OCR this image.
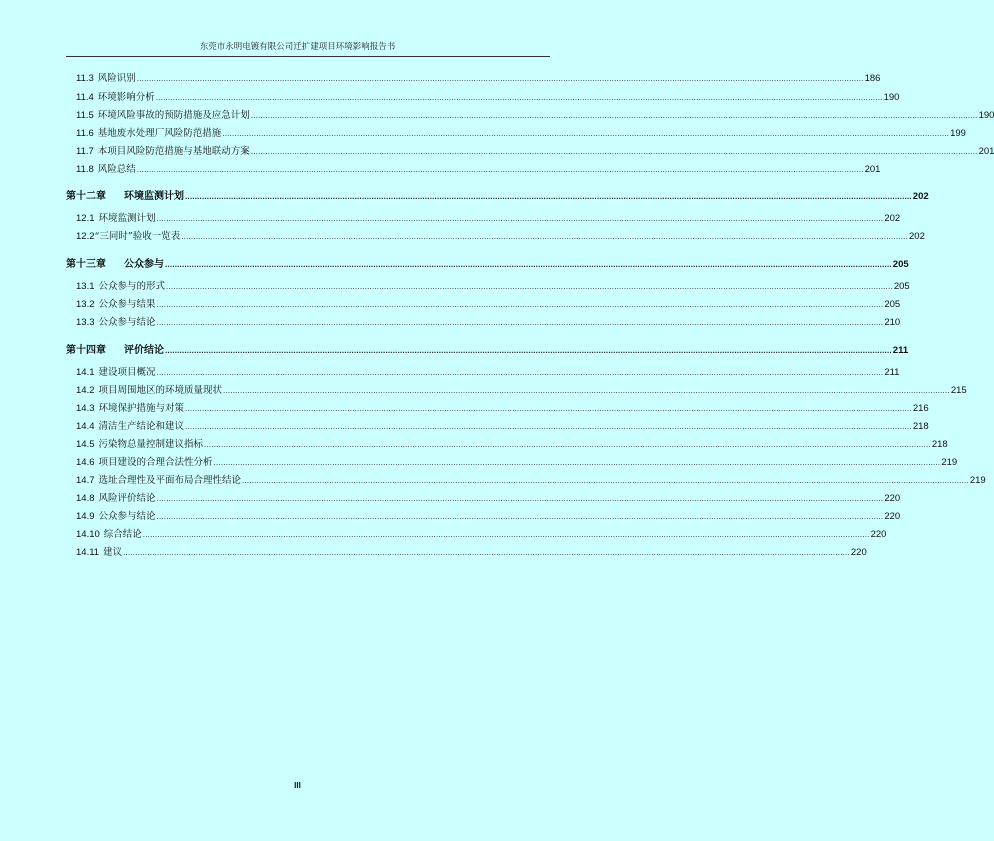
东莞市永明电镀有限公司迁扩建项目环境影响报告书
11.3 风险识别 ............................................................................................................................................................................................................................................................................................................ 186
11.4 环境影响分析 ............................................................................................................................................................................................................................................................................................................ 190
11.5 环境风险事故的预防措施及应急计划 ............................................................................................................................................................................................................................................................................................................ 190
11.6 基地废水处理厂风险防范措施 ............................................................................................................................................................................................................................................................................................................ 199
11.7 本项目风险防范措施与基地联动方案 ............................................................................................................................................................................................................................................................................................................ 201
11.8 风险总结 ............................................................................................................................................................................................................................................................................................................ 201
第十二章 环境监测计划 ............................................................................................................................................................................................................................................................................................................ 202
12.1 环境监测计划 ............................................................................................................................................................................................................................................................................................................ 202
12.2“三同时”验收一览表 ............................................................................................................................................................................................................................................................................................................ 202
第十三章 公众参与 ............................................................................................................................................................................................................................................................................................................ 205
13.1 公众参与的形式 ............................................................................................................................................................................................................................................................................................................ 205
13.2 公众参与结果 ............................................................................................................................................................................................................................................................................................................ 205
13.3 公众参与结论 ............................................................................................................................................................................................................................................................................................................ 210
第十四章 评价结论 ............................................................................................................................................................................................................................................................................................................ 211
14.1 建设项目概况 ............................................................................................................................................................................................................................................................................................................ 211
14.2 项目周围地区的环境质量现状 ............................................................................................................................................................................................................................................................................................................ 215
14.3 环境保护措施与对策 ............................................................................................................................................................................................................................................................................................................ 216
14.4 清洁生产结论和建议 ............................................................................................................................................................................................................................................................................................................ 218
14.5 污染物总量控制建议指标 ............................................................................................................................................................................................................................................................................................................ 218
14.6 项目建设的合理合法性分析 ............................................................................................................................................................................................................................................................................................................ 219
14.7 选址合理性及平面布局合理性结论 ............................................................................................................................................................................................................................................................................................................ 219
14.8 风险评价结论 ............................................................................................................................................................................................................................................................................................................ 220
14.9 公众参与结论 ............................................................................................................................................................................................................................................................................................................ 220
14.10 综合结论 ............................................................................................................................................................................................................................................................................................................ 220
14.11 建议 ............................................................................................................................................................................................................................................................................................................ 220
III
